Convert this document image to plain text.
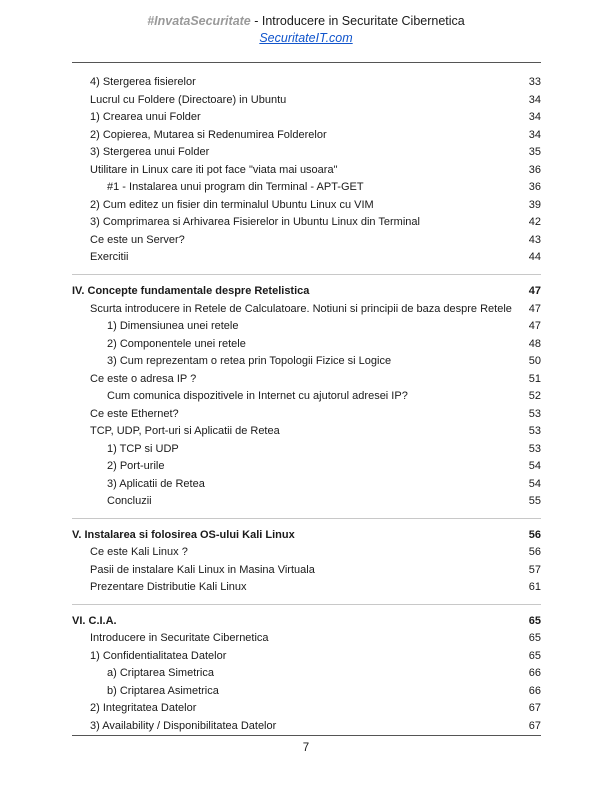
#InvataSecuritate - Introducere in Securitate Cibernetica
SecuritateIT.com
4) Stergerea fisierelor	33
Lucrul cu Foldere (Directoare) in Ubuntu	34
1) Crearea unui Folder	34
2) Copierea, Mutarea si Redenumirea Folderelor	34
3) Stergerea unui Folder	35
Utilitare in Linux care iti pot face "viata mai usoara"	36
#1 - Instalarea unui program din Terminal - APT-GET	36
2) Cum editez un fisier din terminalul Ubuntu Linux cu VIM	39
3) Comprimarea si Arhivarea Fisierelor in Ubuntu Linux din Terminal	42
Ce este un Server?	43
Exercitii	44
IV. Concepte fundamentale despre Retelistica	47
Scurta introducere in Retele de Calculatoare. Notiuni si principii de baza despre Retele	47
1) Dimensiunea unei retele	47
2) Componentele unei retele	48
3) Cum reprezentam o retea prin Topologii Fizice si Logice	50
Ce este o adresa IP ?	51
Cum comunica dispozitivele in Internet cu ajutorul adresei IP?	52
Ce este Ethernet?	53
TCP, UDP, Port-uri si Aplicatii de Retea	53
1) TCP si UDP	53
2) Port-urile	54
3) Aplicatii de Retea	54
Concluzii	55
V. Instalarea si folosirea OS-ului Kali Linux	56
Ce este Kali Linux ?	56
Pasii de instalare Kali Linux in Masina Virtuala	57
Prezentare Distributie Kali Linux	61
VI. C.I.A.	65
Introducere in Securitate Cibernetica	65
1) Confidentialitatea Datelor	65
a) Criptarea Simetrica	66
b) Criptarea Asimetrica	66
2) Integritatea Datelor	67
3) Availability / Disponibilitatea Datelor	67
7
